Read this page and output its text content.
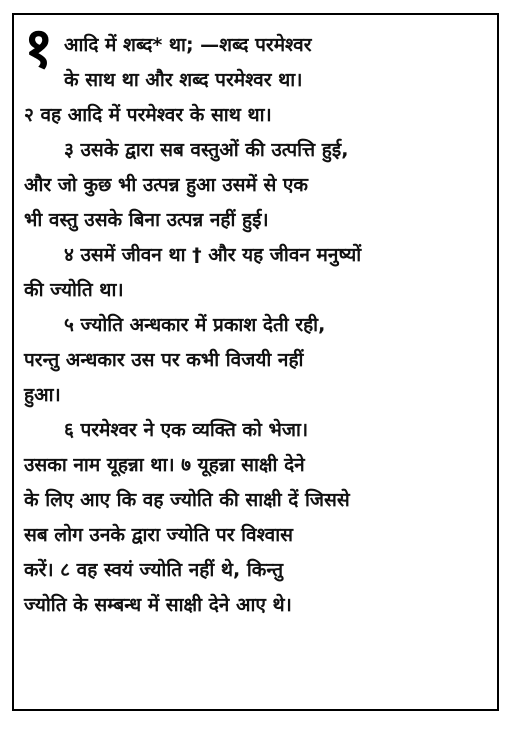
१ आदि में शब्द* था; —शब्द परमेश्वर
के साथ था और शब्द परमेश्वर था।
२ वह आदि में परमेश्वर के साथ था।
३ उसके द्वारा सब वस्तुओं की उत्पत्ति हुई,
और जो कुछ भी उत्पन्न हुआ उसमें से एक
भी वस्तु उसके बिना उत्पन्न नहीं हुई।
४ उसमें जीवन था † और यह जीवन मनुष्यों
की ज्योति था।
५ ज्योति अन्धकार में प्रकाश देती रही,
परन्तु अन्धकार उस पर कभी विजयी नहीं
हुआ।
६ परमेश्वर ने एक व्यक्ति को भेजा।
उसका नाम यूहन्ना था। ७ यूहन्ना साक्षी देने
के लिए आए कि वह ज्योति की साक्षी दें जिससे
सब लोग उनके द्वारा ज्योति पर विश्वास
करें। ८ वह स्वयं ज्योति नहीं थे, किन्तु
ज्योति के सम्बन्ध में साक्षी देने आए थे।
